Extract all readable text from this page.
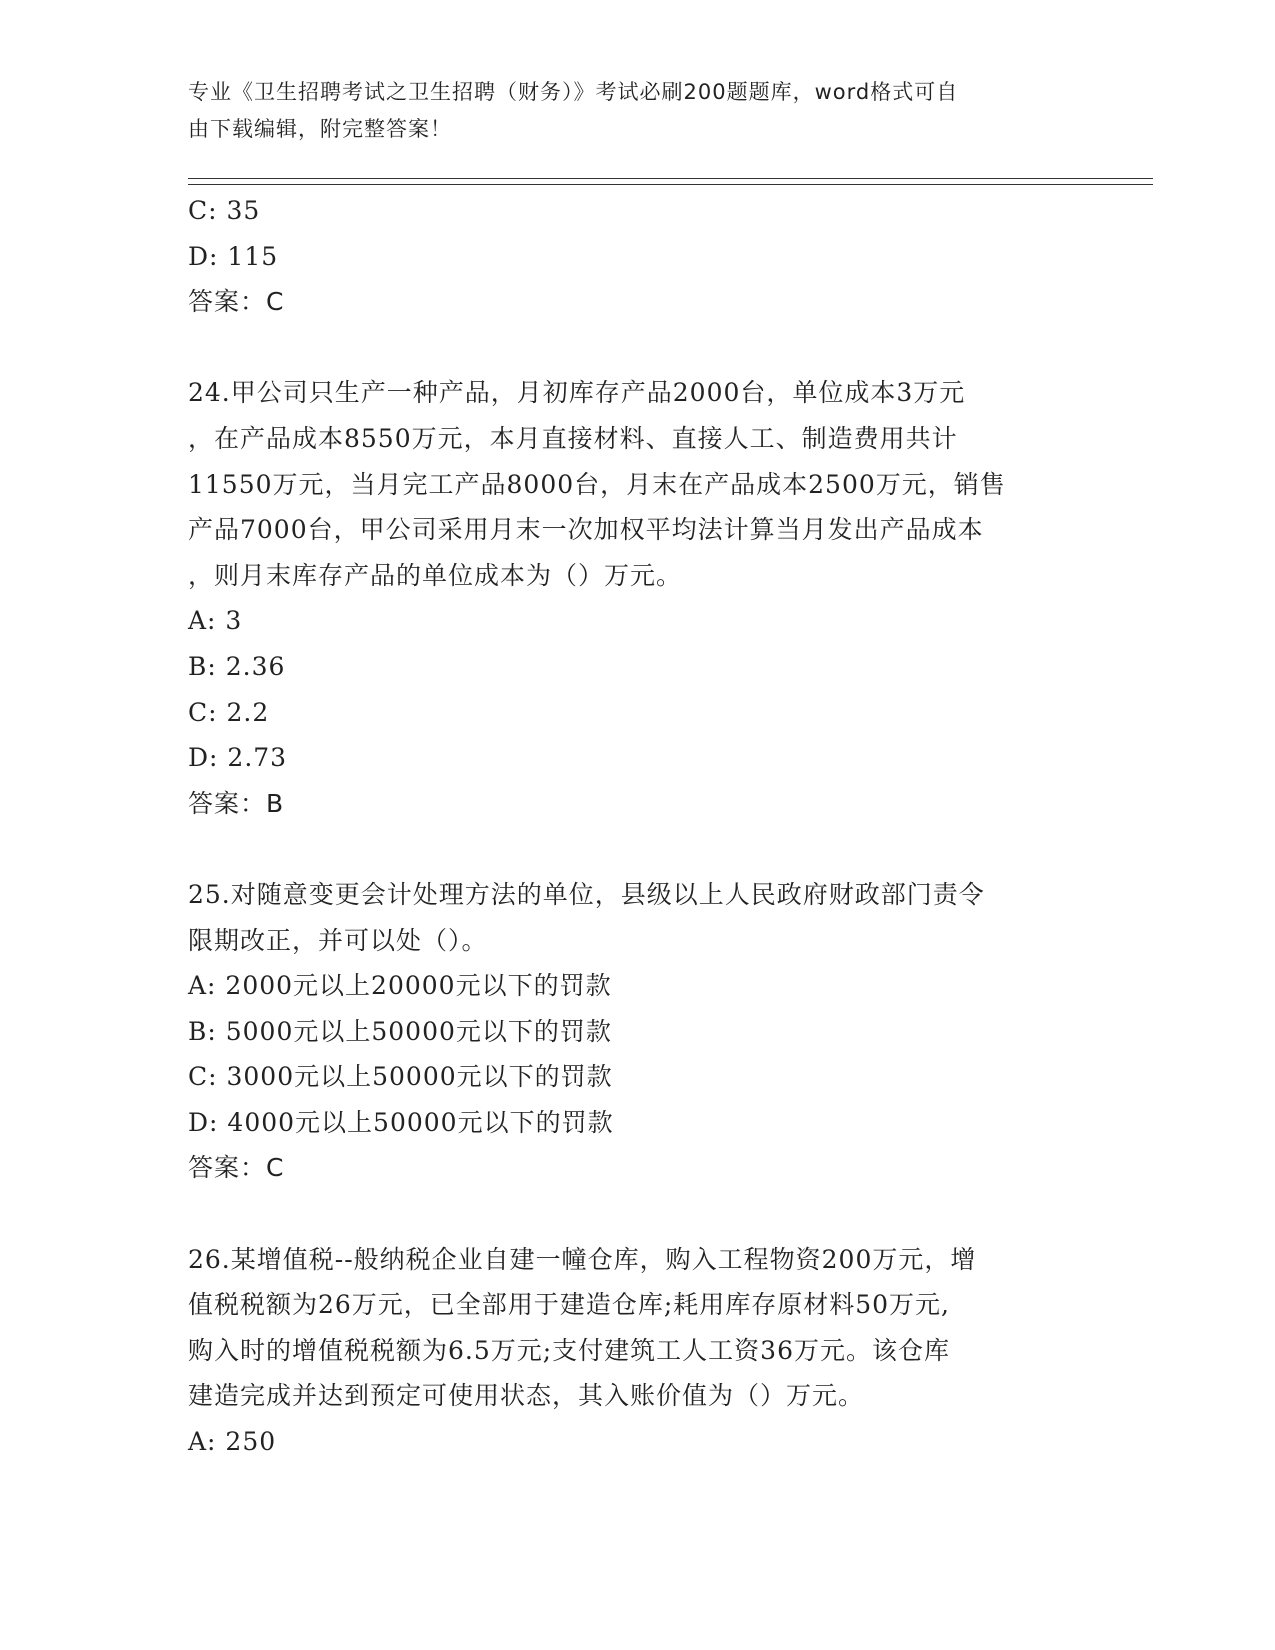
专业《卫生招聘考试之卫生招聘（财务）》考试必刷200题题库，word格式可自
由下载编辑，附完整答案！
C: 35
D: 115
答案：C
24.甲公司只生产一种产品，月初库存产品2000台，单位成本3万元
，在产品成本8550万元，本月直接材料、直接人工、制造费用共计
11550万元，当月完工产品8000台，月末在产品成本2500万元，销售
产品7000台，甲公司采用月末一次加权平均法计算当月发出产品成本
，则月末库存产品的单位成本为（）万元。
A: 3
B: 2.36
C: 2.2
D: 2.73
答案：B
25.对随意变更会计处理方法的单位，县级以上人民政府财政部门责令
限期改正，并可以处（）。
A: 2000元以上20000元以下的罚款
B: 5000元以上50000元以下的罚款
C: 3000元以上50000元以下的罚款
D: 4000元以上50000元以下的罚款
答案：C
26.某增值税--般纳税企业自建一幢仓库，购入工程物资200万元，增
值税税额为26万元，已全部用于建造仓库;耗用库存原材料50万元,
购入时的增值税税额为6.5万元;支付建筑工人工资36万元。该仓库
建造完成并达到预定可使用状态，其入账价值为（）万元。
A: 250
